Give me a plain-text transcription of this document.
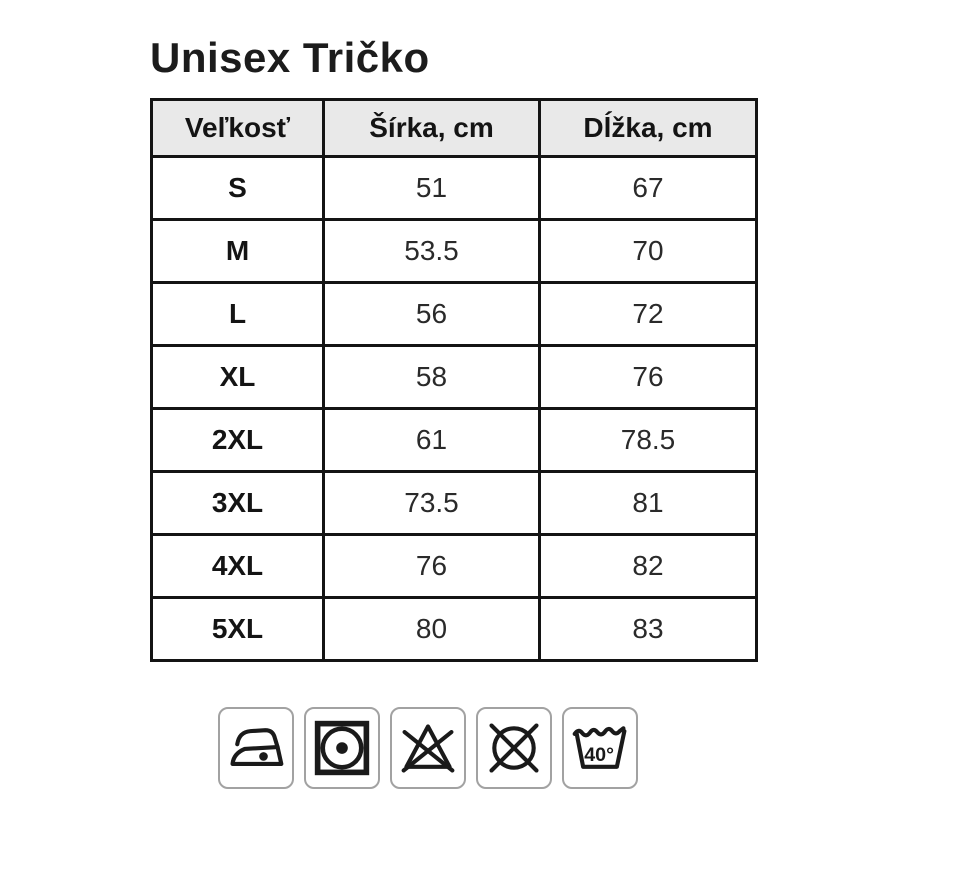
Unisex Tričko
Veľkosť	Šírka, cm	Dĺžka, cm
S	51	67
M	53.5	70
L	56	72
XL	58	76
2XL	61	78.5
3XL	73.5	81
4XL	76	82
5XL	80	83
40°
